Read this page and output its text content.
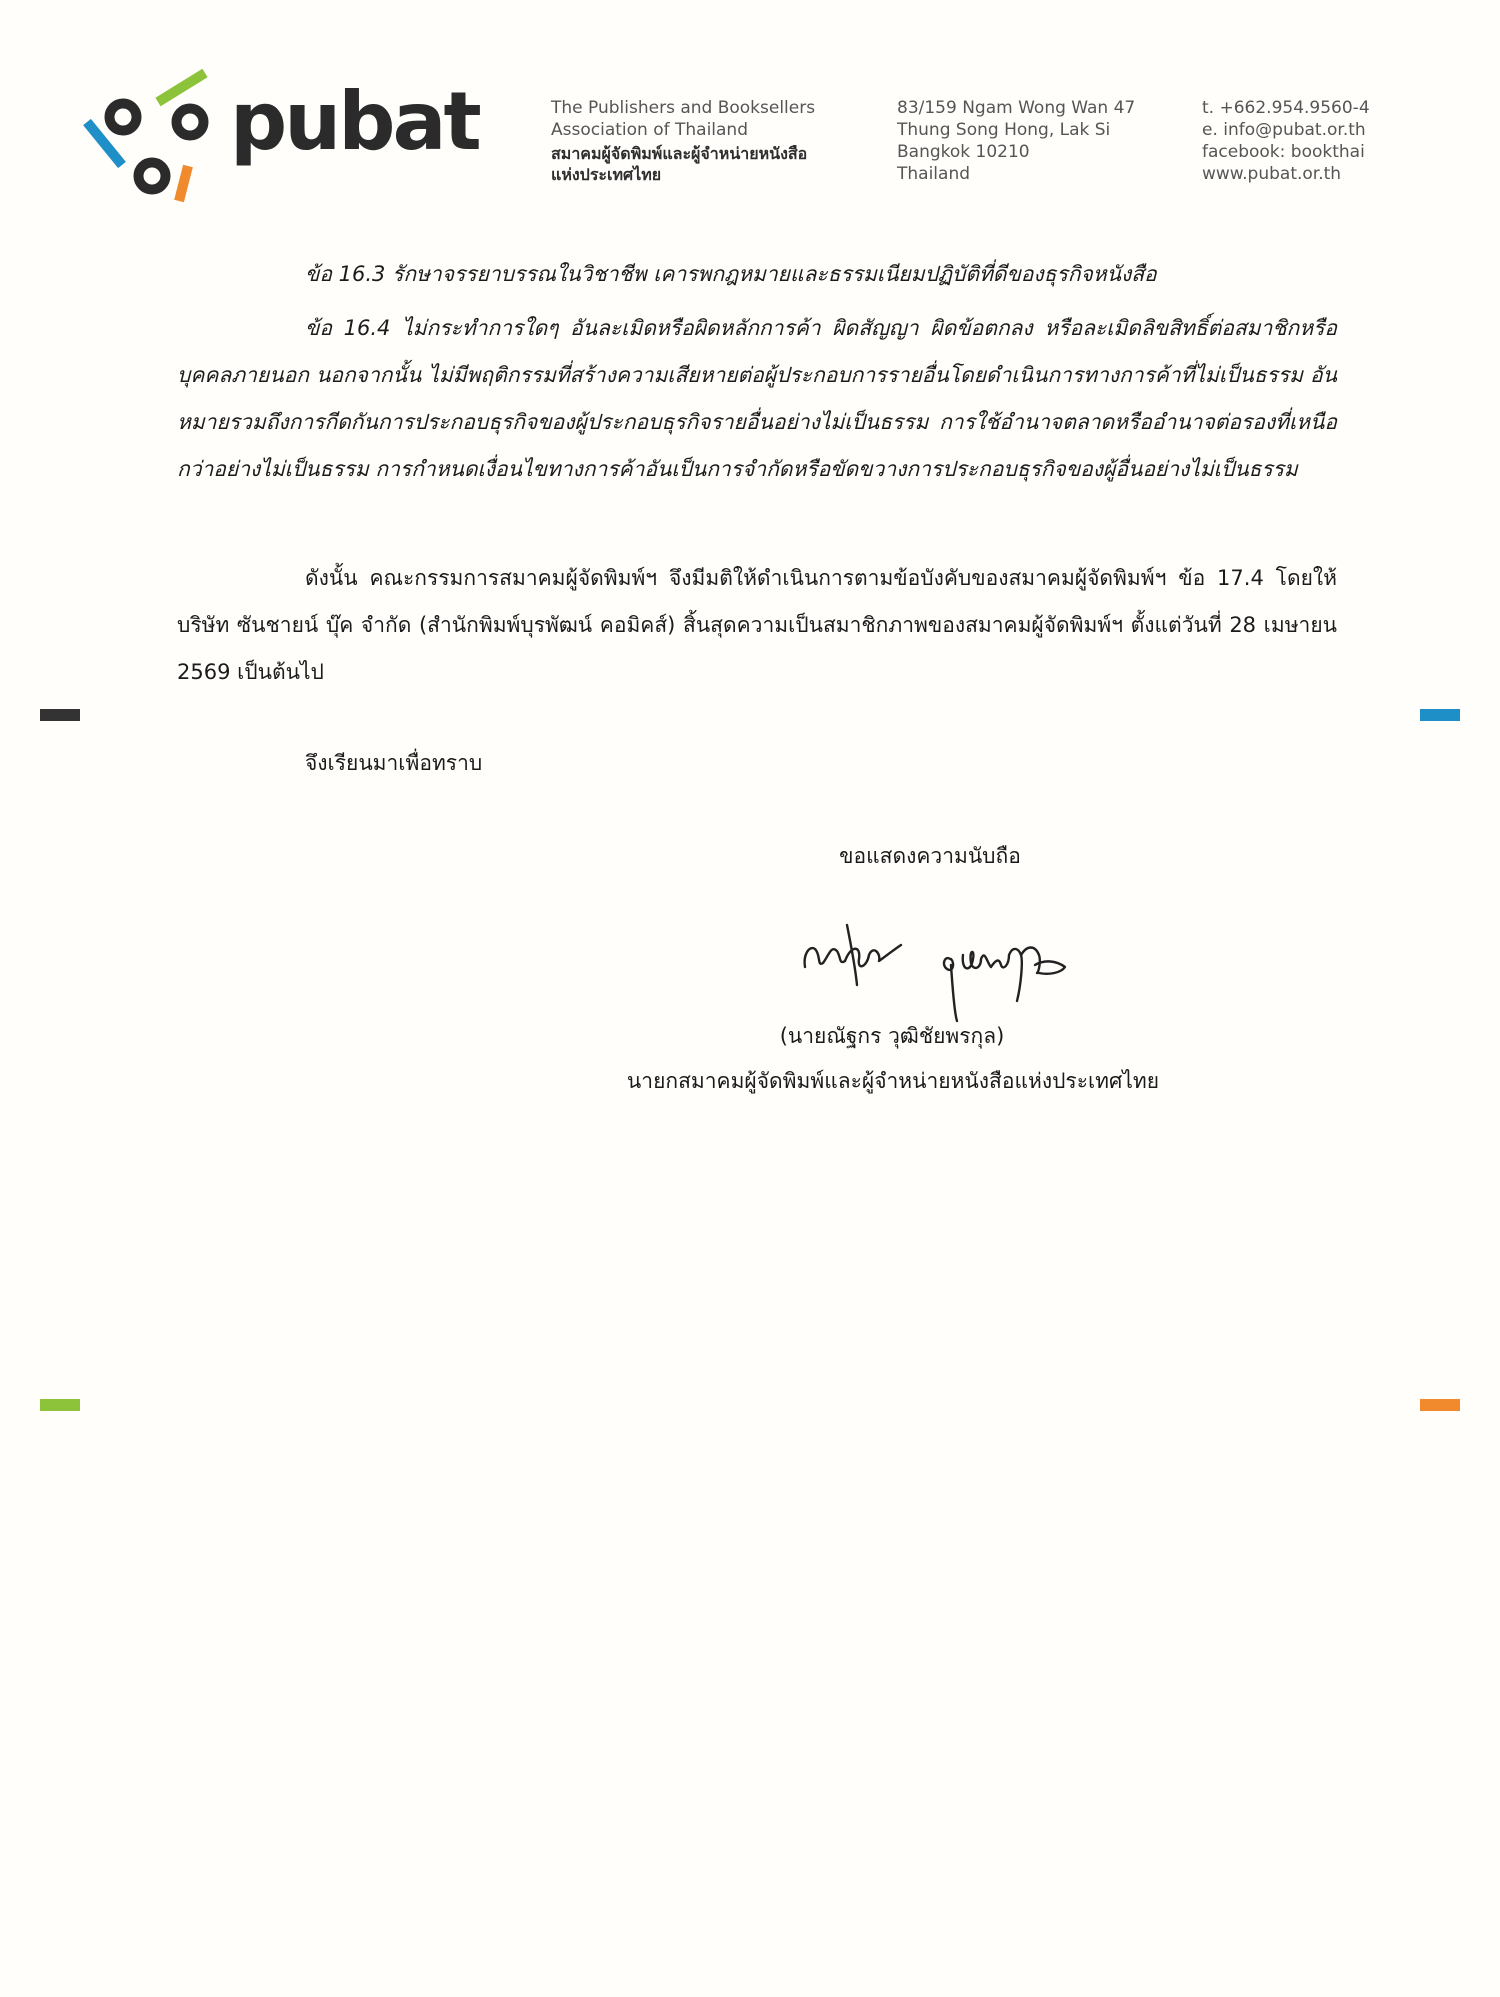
pubat	The Publishers and Booksellers
Association of Thailand
สมาคมผู้จัดพิมพ์และผู้จำหน่ายหนังสือ
แห่งประเทศไทย
83/159 Ngam Wong Wan 47
Thung Song Hong, Lak Si
Bangkok 10210
Thailand
t. +662.954.9560-4
e. info@pubat.or.th
facebook: bookthai
www.pubat.or.th

ข้อ 16.3 รักษาจรรยาบรรณในวิชาชีพ เคารพกฎหมายและธรรมเนียมปฏิบัติที่ดีของธุรกิจหนังสือ

ข้อ 16.4 ไม่กระทำการใดๆ อันละเมิดหรือผิดหลักการค้า ผิดสัญญา ผิดข้อตกลง หรือละเมิดลิขสิทธิ์ต่อสมาชิกหรือบุคคลภายนอก นอกจากนั้น ไม่มีพฤติกรรมที่สร้างความเสียหายต่อผู้ประกอบการรายอื่นโดยดำเนินการทางการค้าที่ไม่เป็นธรรม อันหมายรวมถึงการกีดกันการประกอบธุรกิจของผู้ประกอบธุรกิจรายอื่นอย่างไม่เป็นธรรม การใช้อำนาจตลาดหรืออำนาจต่อรองที่เหนือกว่าอย่างไม่เป็นธรรม การกำหนดเงื่อนไขทางการค้าอันเป็นการจำกัดหรือขัดขวางการประกอบธุรกิจของผู้อื่นอย่างไม่เป็นธรรม

ดังนั้น คณะกรรมการสมาคมผู้จัดพิมพ์ฯ จึงมีมติให้ดำเนินการตามข้อบังคับของสมาคมผู้จัดพิมพ์ฯ ข้อ 17.4 โดยให้บริษัท ซันชายน์ บุ๊ค จำกัด (สำนักพิมพ์บุรพัฒน์ คอมิคส์) สิ้นสุดความเป็นสมาชิกภาพของสมาคมผู้จัดพิมพ์ฯ ตั้งแต่วันที่ 28 เมษายน 2569 เป็นต้นไป

จึงเรียนมาเพื่อทราบ
ขอแสดงความนับถือ
(นายณัฐกร วุฒิชัยพรกุล)
นายกสมาคมผู้จัดพิมพ์และผู้จำหน่ายหนังสือแห่งประเทศไทย
